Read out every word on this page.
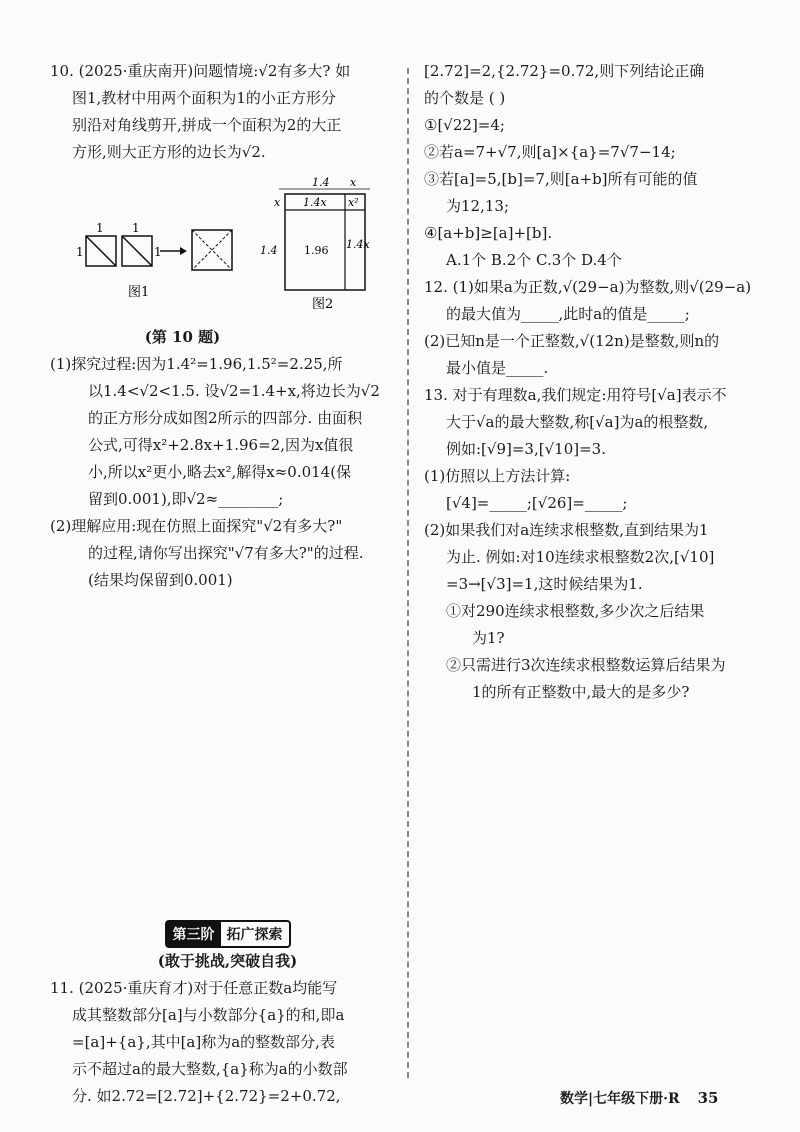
10. (2025·重庆南开)问题情境:√2有多大? 如
图1,教材中用两个面积为1的小正方形分
别沿对角线剪开,拼成一个面积为2的大正
方形,则大正方形的边长为√2.
1
1
1
1
图1
1.4 x
1.4x
x	x²
1.4 1.96 1.4x
图2
(第 10 题)
(1)探究过程:因为1.4²=1.96,1.5²=2.25,所
以1.4<√2<1.5. 设√2=1.4+x,将边长为√2
的正方形分成如图2所示的四部分. 由面积
公式,可得x²+2.8x+1.96=2,因为x值很
小,所以x²更小,略去x²,解得x≈0.014(保
留到0.001),即√2≈________;
(2)理解应用:现在仿照上面探究"√2有多大?"
的过程,请你写出探究"√7有多大?"的过程.
(结果均保留到0.001)
第三阶 拓广探索
(敢于挑战,突破自我)
11. (2025·重庆育才)对于任意正数a均能写
成其整数部分[a]与小数部分{a}的和,即a
=[a]+{a},其中[a]称为a的整数部分,表
示不超过a的最大整数,{a}称为a的小数部
分. 如2.72=[2.72]+{2.72}=2+0.72,
[2.72]=2,{2.72}=0.72,则下列结论正确
的个数是 ( )
①[√22]=4;
②若a=7+√7,则[a]×{a}=7√7−14;
③若[a]=5,[b]=7,则[a+b]所有可能的值
为12,13;
④[a+b]≥[a]+[b].
A.1个 B.2个 C.3个 D.4个
12. (1)如果a为正数,√(29−a)为整数,则√(29−a)
的最大值为_____,此时a的值是_____;
(2)已知n是一个正整数,√(12n)是整数,则n的
最小值是_____.
13. 对于有理数a,我们规定:用符号[√a]表示不
大于√a的最大整数,称[√a]为a的根整数,
例如:[√9]=3,[√10]=3.
(1)仿照以上方法计算:
[√4]=_____;[√26]=_____;
(2)如果我们对a连续求根整数,直到结果为1
为止. 例如:对10连续求根整数2次,[√10]
=3→[√3]=1,这时候结果为1.
①对290连续求根整数,多少次之后结果
为1?
②只需进行3次连续求根整数运算后结果为
1的所有正整数中,最大的是多少?
数学|七年级下册·R 35
